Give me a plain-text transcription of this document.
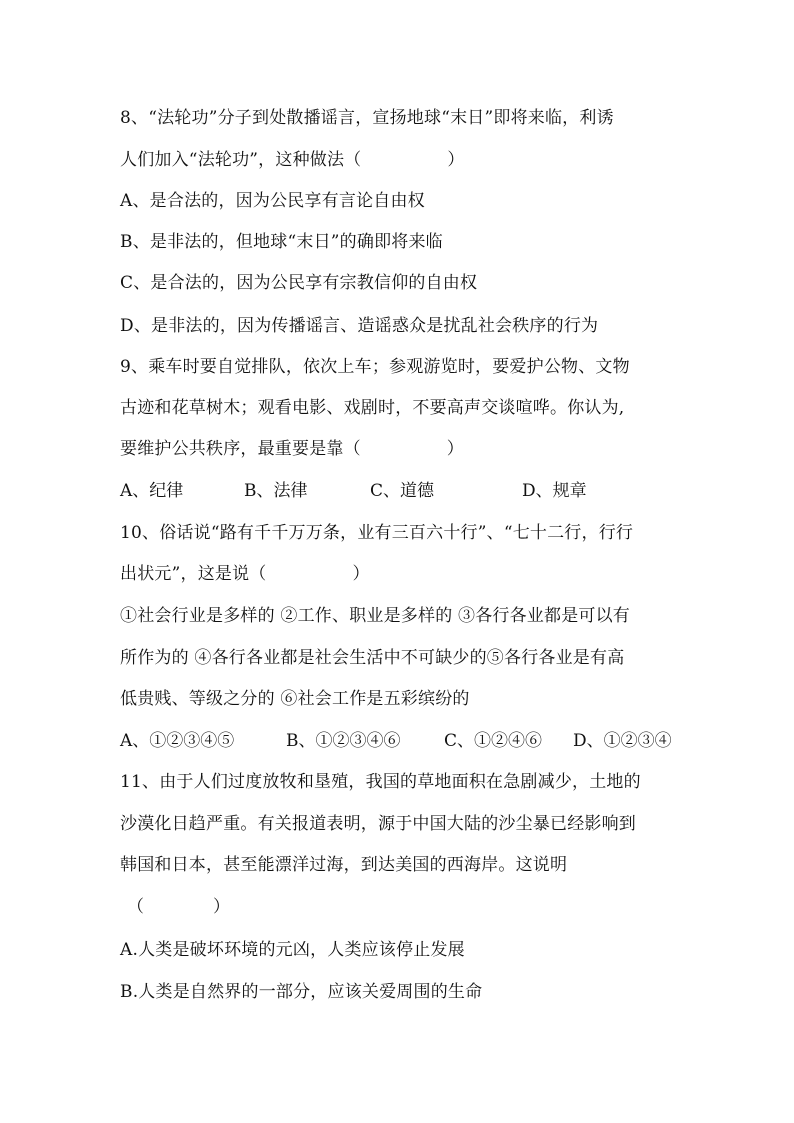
8、“法轮功”分子到处散播谣言，宣扬地球“末日”即将来临，利诱
人们加入“法轮功”，这种做法（　　　　　）
A、是合法的，因为公民享有言论自由权
B、是非法的，但地球“末日”的确即将来临
C、是合法的，因为公民享有宗教信仰的自由权
D、是非法的，因为传播谣言、造谣惑众是扰乱社会秩序的行为
9、乘车时要自觉排队，依次上车；参观游览时，要爱护公物、文物
古迹和花草树木；观看电影、戏剧时，不要高声交谈喧哗。你认为,
要维护公共秩序，最重要是靠（　　　　　）
A、纪律	B、法律	C、道德	D、规章
10、俗话说“路有千千万万条，业有三百六十行”、“七十二行，行行
出状元”，这是说（　　　　　）
①社会行业是多样的 ②工作、职业是多样的 ③各行各业都是可以有
所作为的 ④各行各业都是社会生活中不可缺少的⑤各行各业是有高
低贵贱、等级之分的 ⑥社会工作是五彩缤纷的
A、①②③④⑤	B、①②③④⑥	C、①②④⑥ D、①②③④
11、由于人们过度放牧和垦殖，我国的草地面积在急剧减少，土地的
沙漠化日趋严重。有关报道表明，源于中国大陆的沙尘暴已经影响到
韩国和日本，甚至能漂洋过海，到达美国的西海岸。这说明
（　　　　）
A.人类是破坏环境的元凶，人类应该停止发展
B.人类是自然界的一部分，应该关爱周围的生命
